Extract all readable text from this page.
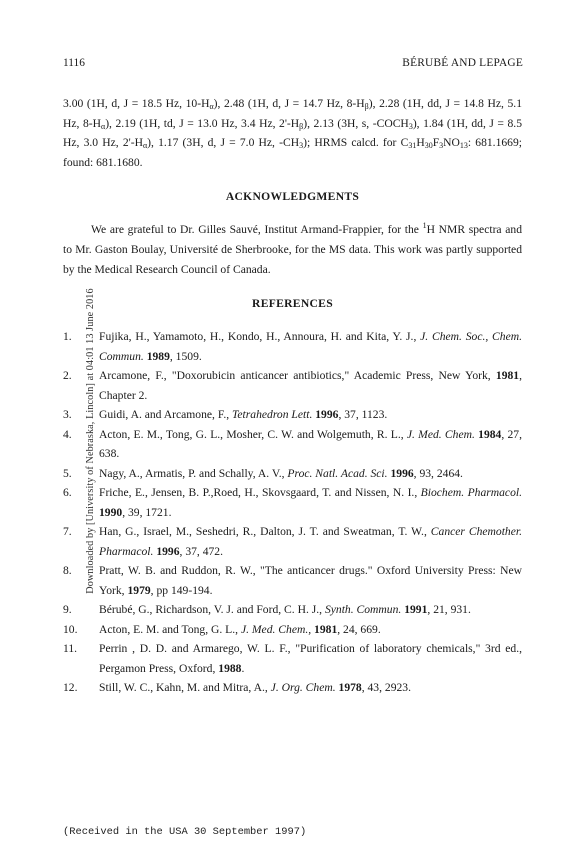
Downloaded by [University of Nebraska, Lincoln] at 04:01 13 June 2016
1116	BÉRUBÉ AND LEPAGE

3.00 (1H, d, J = 18.5 Hz, $10-H_\alpha$), 2.48 (1H, d, J = 14.7 Hz, $8-H_\beta$), 2.28 (1H, dd, J = 14.8 Hz, 5.1 Hz, $8-H_\alpha$), 2.19 (1H, td, J = 13.0 Hz, 3.4 Hz, $2'-H_\beta$), 2.13 (3H, s, $-COCH_3$), 1.84 (1H, dd, J = 8.5 Hz, 3.0 Hz, $2'-H_\alpha$), 1.17 (3H, d, J = 7.0 Hz, $-CH_3$); HRMS calcd. for $C_{31}H_{30}F_3NO_{13}$: 681.1669; found: 681.1680.

ACKNOWLEDGMENTS

We are grateful to Dr. Gilles Sauvé, Institut Armand-Frappier, for the $^1$H NMR spectra and to Mr. Gaston Boulay, Université de Sherbrooke, for the MS data. This work was partly supported by the Medical Research Council of Canada.

REFERENCES
1.	Fujika, H., Yamamoto, H., Kondo, H., Annoura, H. and Kita, Y. J., J. Chem. Soc., Chem. Commun. 1989, 1509.
2.	Arcamone, F., "Doxorubicin anticancer antibiotics," Academic Press, New York, 1981, Chapter 2.
3.	Guidi, A. and Arcamone, F., Tetrahedron Lett. 1996, 37, 1123.
4.	Acton, E. M., Tong, G. L., Mosher, C. W. and Wolgemuth, R. L., J. Med. Chem. 1984, 27, 638.
5.	Nagy, A., Armatis, P. and Schally, A. V., Proc. Natl. Acad. Sci. 1996, 93, 2464.
6.	Friche, E., Jensen, B. P.,Roed, H., Skovsgaard, T. and Nissen, N. I., Biochem. Pharmacol. 1990, 39, 1721.
7.	Han, G., Israel, M., Seshedri, R., Dalton, J. T. and Sweatman, T. W., Cancer Chemother. Pharmacol. 1996, 37, 472.
8.	Pratt, W. B. and Ruddon, R. W., "The anticancer drugs." Oxford University Press: New York, 1979, pp 149-194.
9.	Bérubé, G., Richardson, V. J. and Ford, C. H. J., Synth. Commun. 1991, 21, 931.
10.	Acton, E. M. and Tong, G. L., J. Med. Chem., 1981, 24, 669.
11.	Perrin , D. D. and Armarego, W. L. F., "Purification of laboratory chemicals," 3rd ed., Pergamon Press, Oxford, 1988.
12.	Still, W. C., Kahn, M. and Mitra, A., J. Org. Chem. 1978, 43, 2923.
(Received in the USA 30 September 1997)
